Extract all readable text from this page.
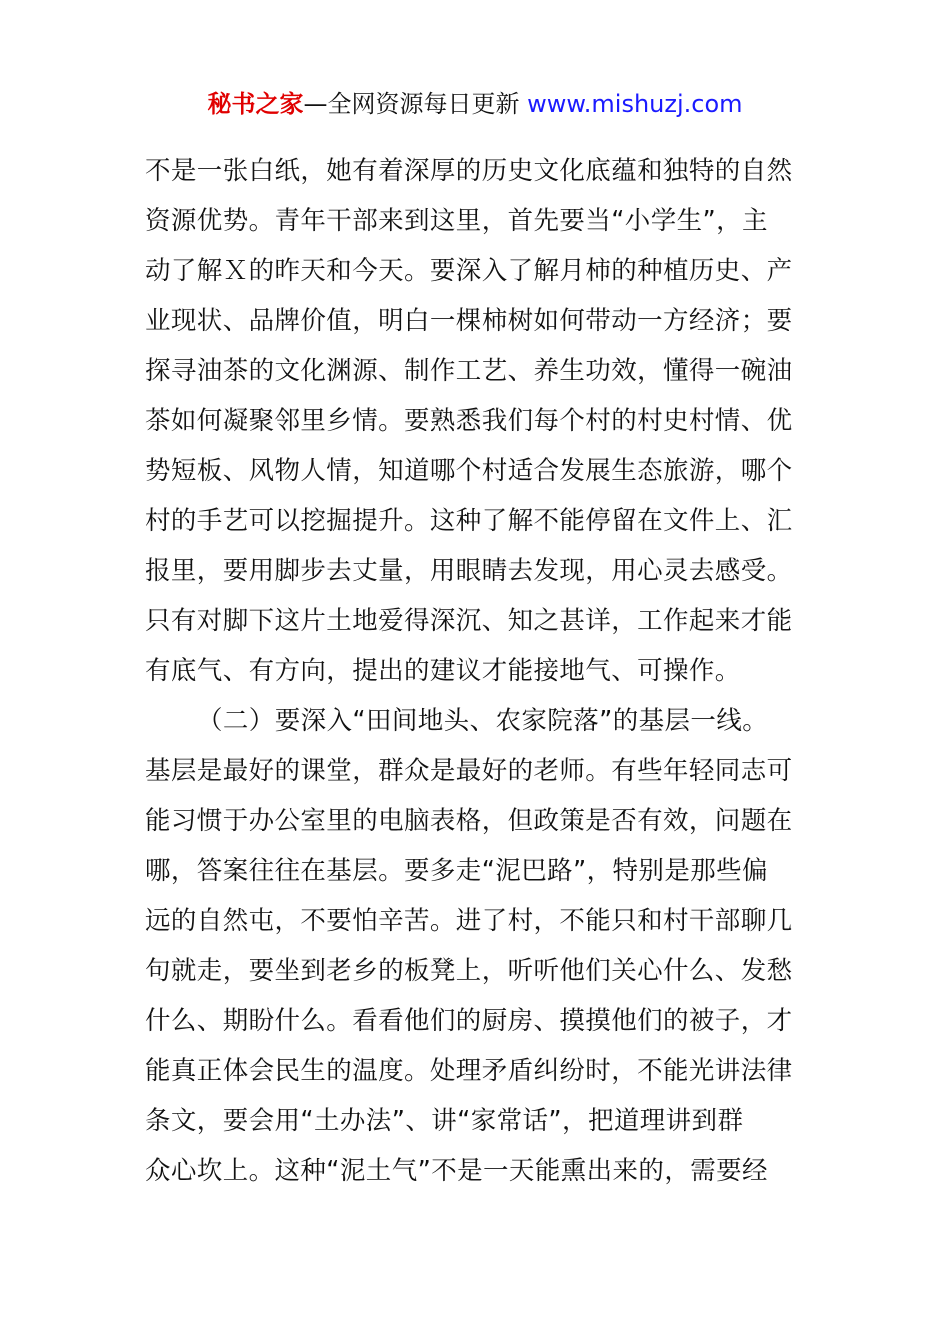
秘书之家—全网资源每日更新 www.mishuzj.com
不是一张白纸，她有着深厚的历史文化底蕴和独特的自然
资源优势。青年干部来到这里，首先要当“小学生”，主
动了解Ｘ的昨天和今天。要深入了解月柿的种植历史、产
业现状、品牌价值，明白一棵柿树如何带动一方经济；要
探寻油茶的文化渊源、制作工艺、养生功效，懂得一碗油
茶如何凝聚邻里乡情。要熟悉我们每个村的村史村情、优
势短板、风物人情，知道哪个村适合发展生态旅游，哪个
村的手艺可以挖掘提升。这种了解不能停留在文件上、汇
报里，要用脚步去丈量，用眼睛去发现，用心灵去感受。
只有对脚下这片土地爱得深沉、知之甚详，工作起来才能
有底气、有方向，提出的建议才能接地气、可操作。
（二）要深入“田间地头、农家院落”的基层一线。
基层是最好的课堂，群众是最好的老师。有些年轻同志可
能习惯于办公室里的电脑表格，但政策是否有效，问题在
哪，答案往往在基层。要多走“泥巴路”，特别是那些偏
远的自然屯，不要怕辛苦。进了村，不能只和村干部聊几
句就走，要坐到老乡的板凳上，听听他们关心什么、发愁
什么、期盼什么。看看他们的厨房、摸摸他们的被子，才
能真正体会民生的温度。处理矛盾纠纷时，不能光讲法律
条文，要会用“土办法”、讲“家常话”，把道理讲到群
众心坎上。这种“泥土气”不是一天能熏出来的，需要经
